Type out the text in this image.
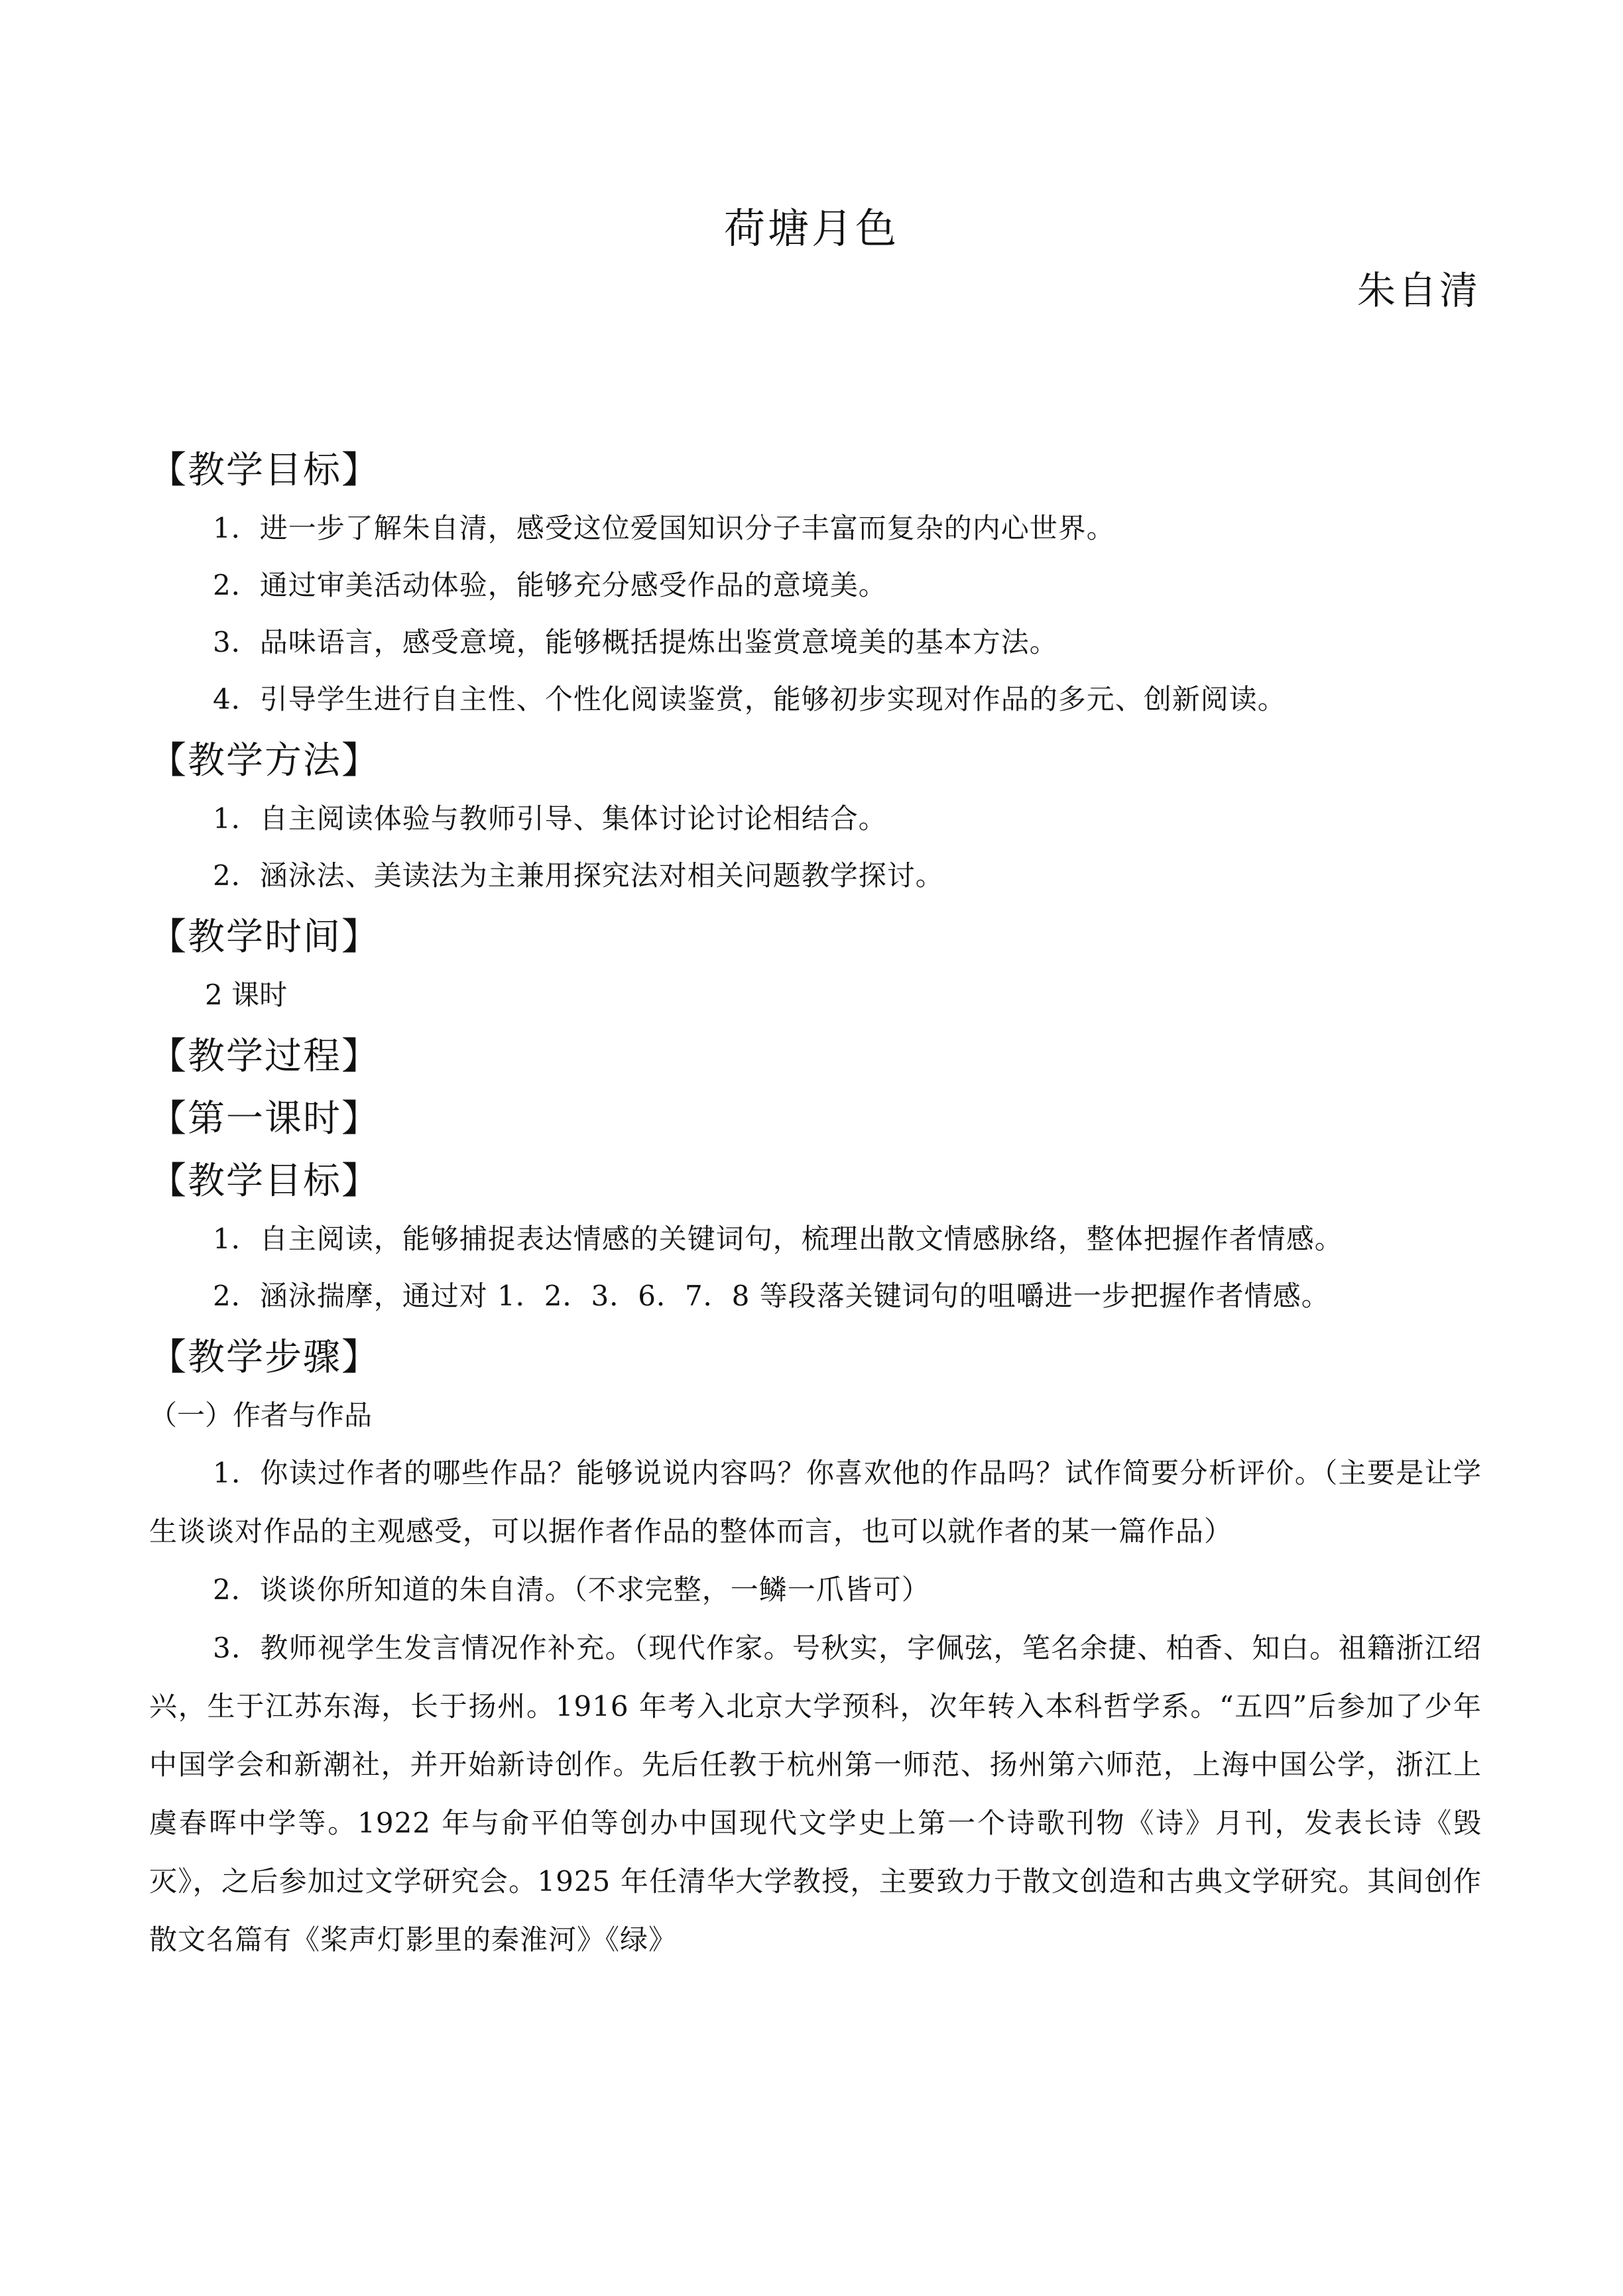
荷塘月色
朱自清
【教学目标】
1．进一步了解朱自清，感受这位爱国知识分子丰富而复杂的内心世界。
2．通过审美活动体验，能够充分感受作品的意境美。
3．品味语言，感受意境，能够概括提炼出鉴赏意境美的基本方法。
4．引导学生进行自主性、个性化阅读鉴赏，能够初步实现对作品的多元、创新阅读。
【教学方法】
1．自主阅读体验与教师引导、集体讨论讨论相结合。
2．涵泳法、美读法为主兼用探究法对相关问题教学探讨。
【教学时间】
2 课时
【教学过程】
【第一课时】
【教学目标】
1．自主阅读，能够捕捉表达情感的关键词句，梳理出散文情感脉络，整体把握作者情感。
2．涵泳揣摩，通过对 1．2．3．6．7．8 等段落关键词句的咀嚼进一步把握作者情感。
【教学步骤】
（一）作者与作品
1．你读过作者的哪些作品？能够说说内容吗？你喜欢他的作品吗？试作简要分析评价。（主要是让学生谈谈对作品的主观感受，可以据作者作品的整体而言，也可以就作者的某一篇作品）
2．谈谈你所知道的朱自清。（不求完整，一鳞一爪皆可）
3．教师视学生发言情况作补充。（现代作家。号秋实，字佩弦，笔名余捷、柏香、知白。祖籍浙江绍兴，生于江苏东海，长于扬州。1916 年考入北京大学预科，次年转入本科哲学系。“五四”后参加了少年中国学会和新潮社，并开始新诗创作。先后任教于杭州第一师范、扬州第六师范，上海中国公学，浙江上虞春晖中学等。1922 年与俞平伯等创办中国现代文学史上第一个诗歌刊物《诗》月刊，发表长诗《毁灭》，之后参加过文学研究会。1925 年任清华大学教授，主要致力于散文创造和古典文学研究。其间创作散文名篇有《桨声灯影里的秦淮河》《绿》
